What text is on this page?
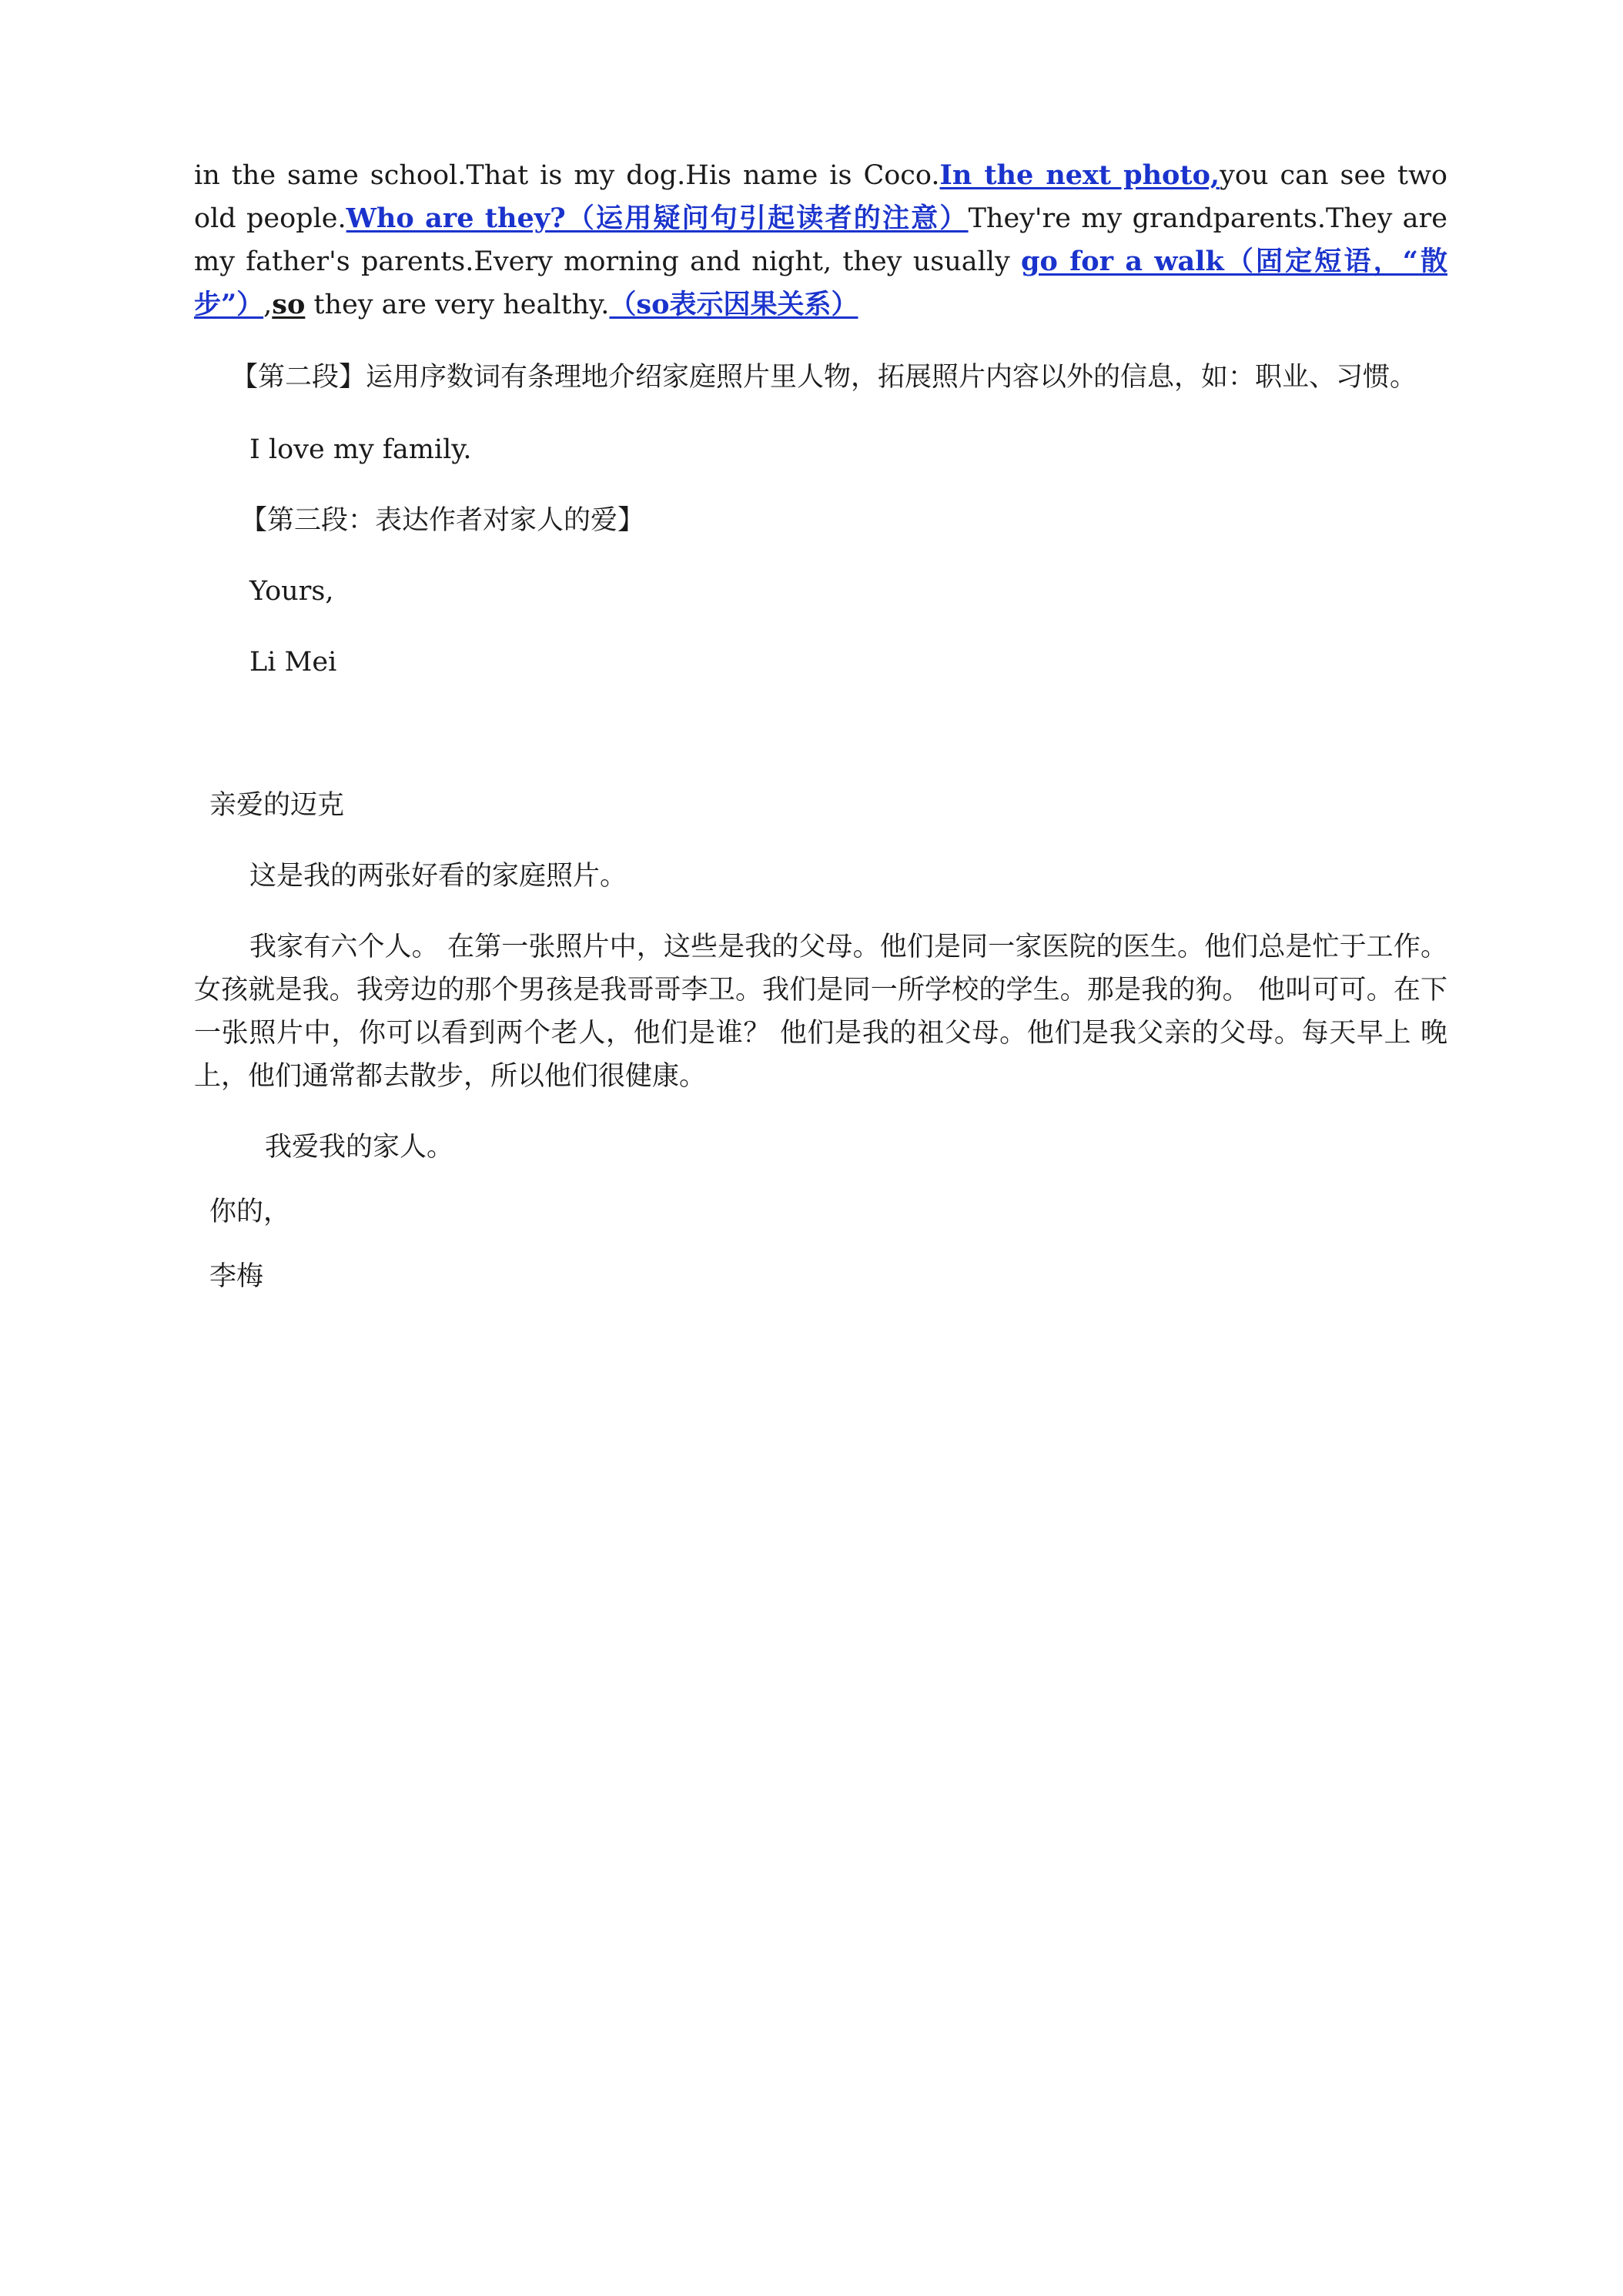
in the same school.That is my dog.His name is Coco.In the next photo,you can see two old people.Who are they?（运用疑问句引起读者的注意）They're my grandparents.They are my father's parents.Every morning and night, they usually go for a walk（固定短语，“散步”）,so they are very healthy.（so表示因果关系）

【第二段】运用序数词有条理地介绍家庭照片里人物，拓展照片内容以外的信息，如：职业、习惯。

I love my family.

【第三段：表达作者对家人的爱】

Yours,

Li Mei

亲爱的迈克

这是我的两张好看的家庭照片。

我家有六个人。 在第一张照片中，这些是我的父母。他们是同一家医院的医生。他们总是忙于工作。 女孩就是我。我旁边的那个男孩是我哥哥李卫。我们是同一所学校的学生。那是我的狗。 他叫可可。在下一张照片中，你可以看到两个老人，他们是谁？ 他们是我的祖父母。他们是我父亲的父母。每天早上 晚上，他们通常都去散步，所以他们很健康。

我爱我的家人。

你的，

李梅
